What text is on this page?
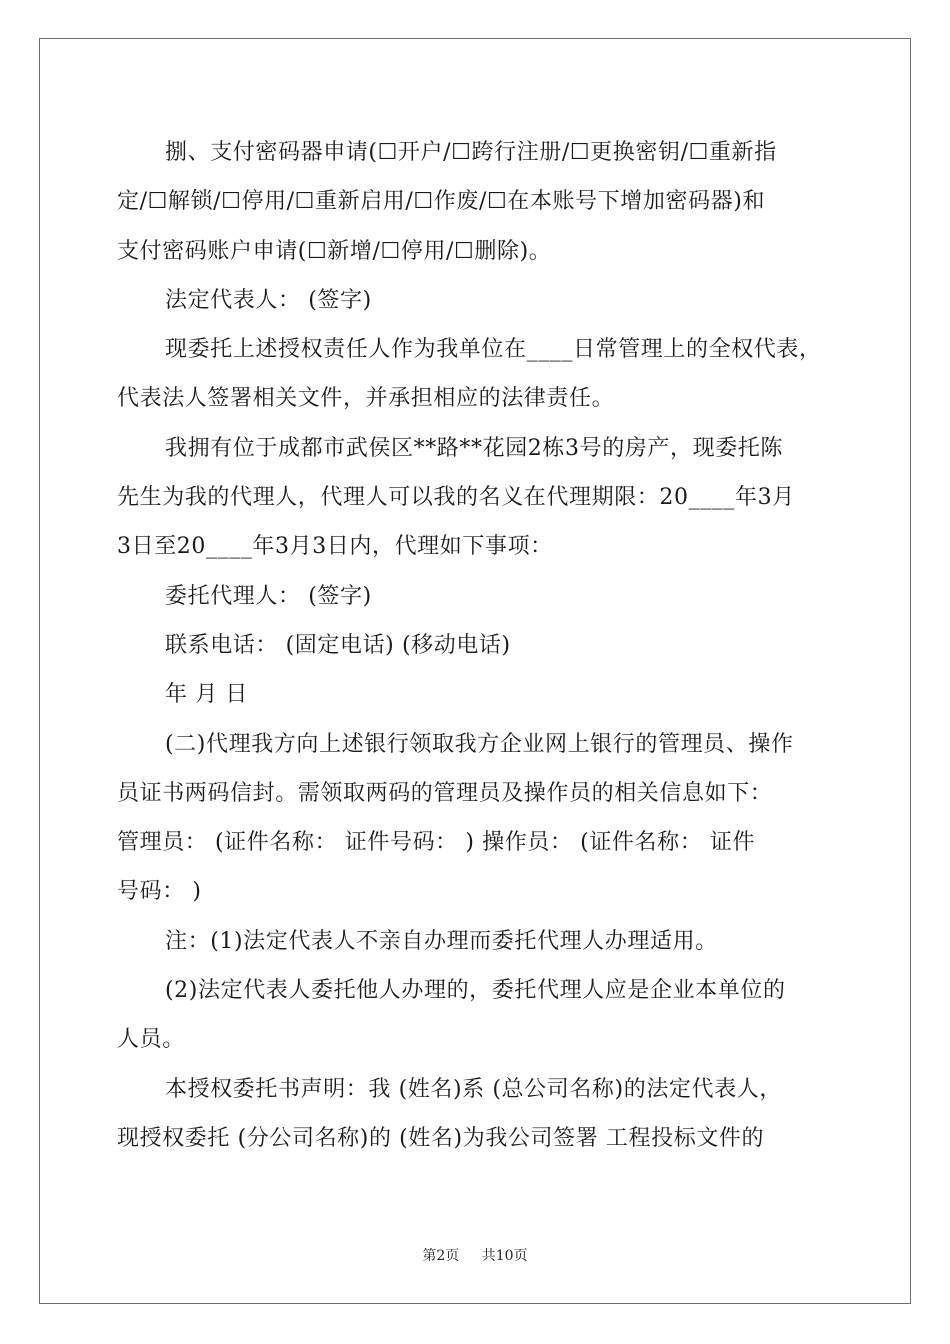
捌、支付密码器申请(☐开户/☐跨行注册/☐更换密钥/☐重新指
定/☐解锁/☐停用/☐重新启用/☐作废/☐在本账号下增加密码器)和
支付密码账户申请(☐新增/☐停用/☐删除)。
法定代表人： (签字)
现委托上述授权责任人作为我单位在____日常管理上的全权代表，
代表法人签署相关文件，并承担相应的法律责任。
我拥有位于成都市武侯区**路**花园2栋3号的房产，现委托陈
先生为我的代理人，代理人可以我的名义在代理期限：20____年3月
3日至20____年3月3日内，代理如下事项：
委托代理人： (签字)
联系电话： (固定电话) (移动电话)
年 月 日
(二)代理我方向上述银行领取我方企业网上银行的管理员、操作
员证书两码信封。需领取两码的管理员及操作员的相关信息如下：
管理员： (证件名称： 证件号码： ) 操作员： (证件名称： 证件
号码： )
注：(1)法定代表人不亲自办理而委托代理人办理适用。
(2)法定代表人委托他人办理的，委托代理人应是企业本单位的
人员。
本授权委托书声明：我 (姓名)系 (总公司名称)的法定代表人，
现授权委托 (分公司名称)的 (姓名)为我公司签署 工程投标文件的
第2页 共10页
